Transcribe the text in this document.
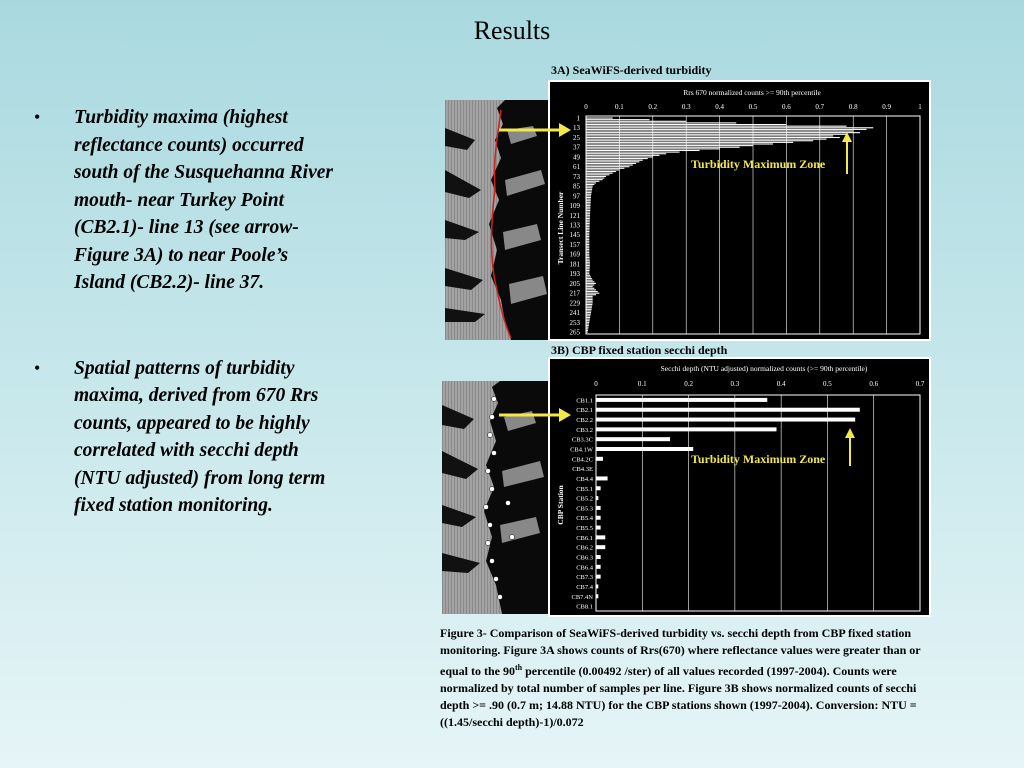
Results
•	Turbidity maxima (highest reflectance counts) occurred south of the Susquehanna River mouth- near Turkey Point (CB2.1)- line 13 (see arrow- Figure 3A) to near Poole’s Island (CB2.2)- line 37.
•	Spatial patterns of turbidity maxima, derived from 670 Rrs counts, appeared to be highly correlated with secchi depth (NTU adjusted) from long term fixed station monitoring.
3A) SeaWiFS-derived turbidity
Rrs 670 normalized counts >= 90th percentile
Transect Line Number
0	0.1	0.2	0.3	0.4	0.5	0.6	0.7	0.8	0.9	1
1
13
25
37
49
61
73
85
97
109
121
133
145
157
169
181
193
205
217
229
241
253
265
Turbidity Maximum Zone
3B) CBP fixed station secchi depth
Secchi depth (NTU adjusted) normalized counts (>= 90th percentile)
CBP Station
0	0.1	0.2	0.3	0.4	0.5	0.6	0.7
CB1.1
CB2.1
CB2.2
CB3.2
CB3.3C
CB4.1W
CB4.2C
CB4.3E
CB4.4
CB5.1
CB5.2
CB5.3
CB5.4
CB5.5
CB6.1
CB6.2
CB6.3
CB6.4
CB7.3
CB7.4
CB7.4N
CB8.1
Turbidity Maximum Zone
Figure 3- Comparison of SeaWiFS-derived turbidity vs. secchi depth from CBP fixed station monitoring. Figure 3A shows counts of Rrs(670) where reflectance values were greater than or equal to the 90th percentile (0.00492 /ster) of all values recorded (1997-2004). Counts were normalized by total number of samples per line. Figure 3B shows normalized counts of secchi depth >= .90 (0.7 m; 14.88 NTU) for the CBP stations shown (1997-2004). Conversion: NTU = ((1.45/secchi depth)-1)/0.072
